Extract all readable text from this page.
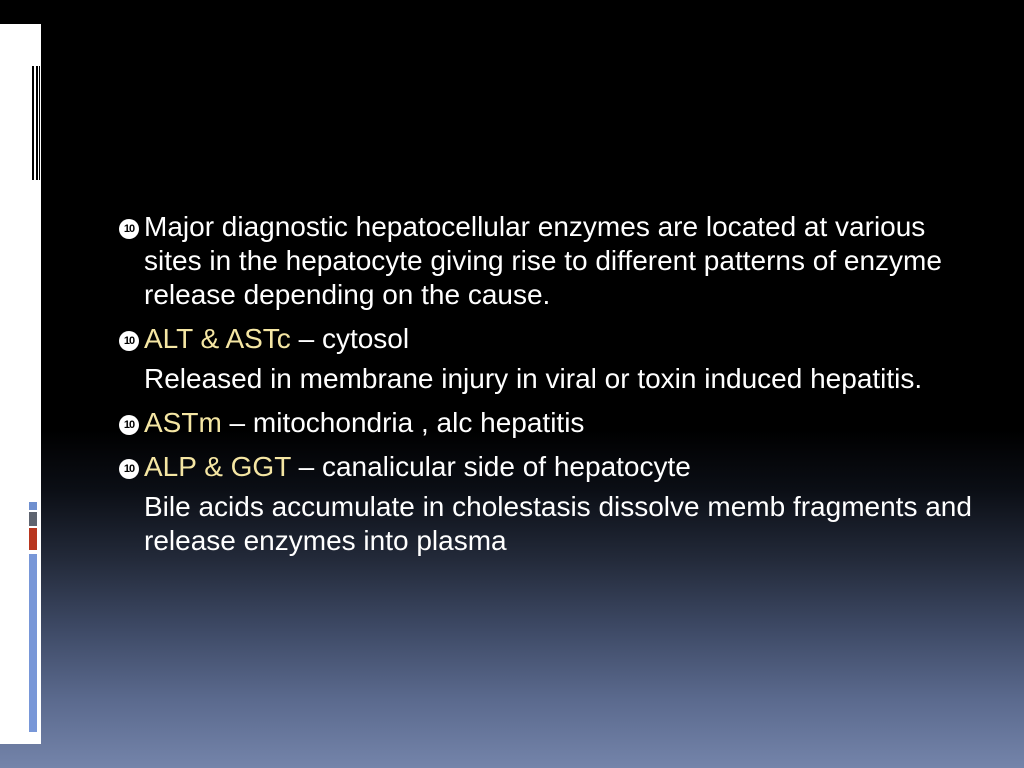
10 Major diagnostic hepatocellular enzymes are located at various sites in the hepatocyte giving rise to different patterns of enzyme release depending on the cause.
10 ALT & ASTc – cytosol
Released in membrane injury in viral or toxin induced hepatitis.
10 ASTm – mitochondria , alc hepatitis
10 ALP & GGT – canalicular side of hepatocyte
Bile acids accumulate in cholestasis dissolve memb fragments and release enzymes into plasma
